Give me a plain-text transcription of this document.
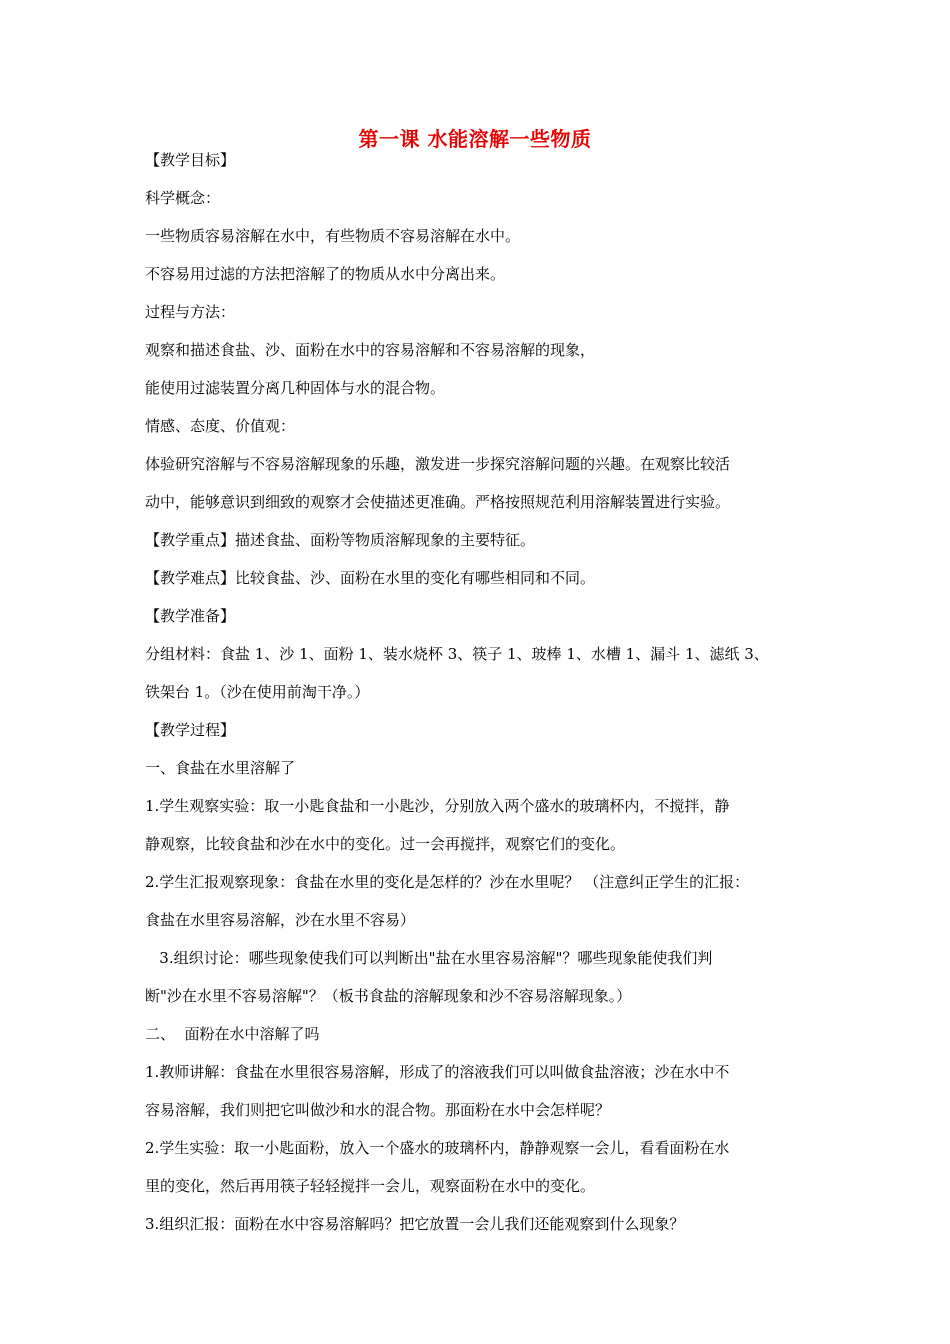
第一课 水能溶解一些物质
【教学目标】
科学概念：
一些物质容易溶解在水中，有些物质不容易溶解在水中。
不容易用过滤的方法把溶解了的物质从水中分离出来。
过程与方法：
观察和描述食盐、沙、面粉在水中的容易溶解和不容易溶解的现象，
能使用过滤装置分离几种固体与水的混合物。
情感、态度、价值观：
体验研究溶解与不容易溶解现象的乐趣，激发进一步探究溶解问题的兴趣。在观察比较活
动中，能够意识到细致的观察才会使描述更准确。严格按照规范利用溶解装置进行实验。
【教学重点】描述食盐、面粉等物质溶解现象的主要特征。
【教学难点】比较食盐、沙、面粉在水里的变化有哪些相同和不同。
【教学准备】
分组材料：食盐 1、沙 1、面粉 1、装水烧杯 3、筷子 1、玻棒 1、水槽 1、漏斗 1、滤纸 3、
铁架台 1。（沙在使用前淘干净。）
【教学过程】
一、食盐在水里溶解了
1.学生观察实验：取一小匙食盐和一小匙沙，分别放入两个盛水的玻璃杯内，不搅拌，静
静观察，比较食盐和沙在水中的变化。过一会再搅拌，观察它们的变化。
2.学生汇报观察现象：食盐在水里的变化是怎样的？沙在水里呢？ （注意纠正学生的汇报：
食盐在水里容易溶解，沙在水里不容易）
3.组织讨论：哪些现象使我们可以判断出"盐在水里容易溶解"？哪些现象能使我们判
断"沙在水里不容易溶解"？（板书食盐的溶解现象和沙不容易溶解现象。）
二、  面粉在水中溶解了吗
1.教师讲解：食盐在水里很容易溶解，形成了的溶液我们可以叫做食盐溶液；沙在水中不
容易溶解，我们则把它叫做沙和水的混合物。那面粉在水中会怎样呢？
2.学生实验：取一小匙面粉，放入一个盛水的玻璃杯内，静静观察一会儿，看看面粉在水
里的变化，然后再用筷子轻轻搅拌一会儿，观察面粉在水中的变化。
3.组织汇报：面粉在水中容易溶解吗？把它放置一会儿我们还能观察到什么现象？
